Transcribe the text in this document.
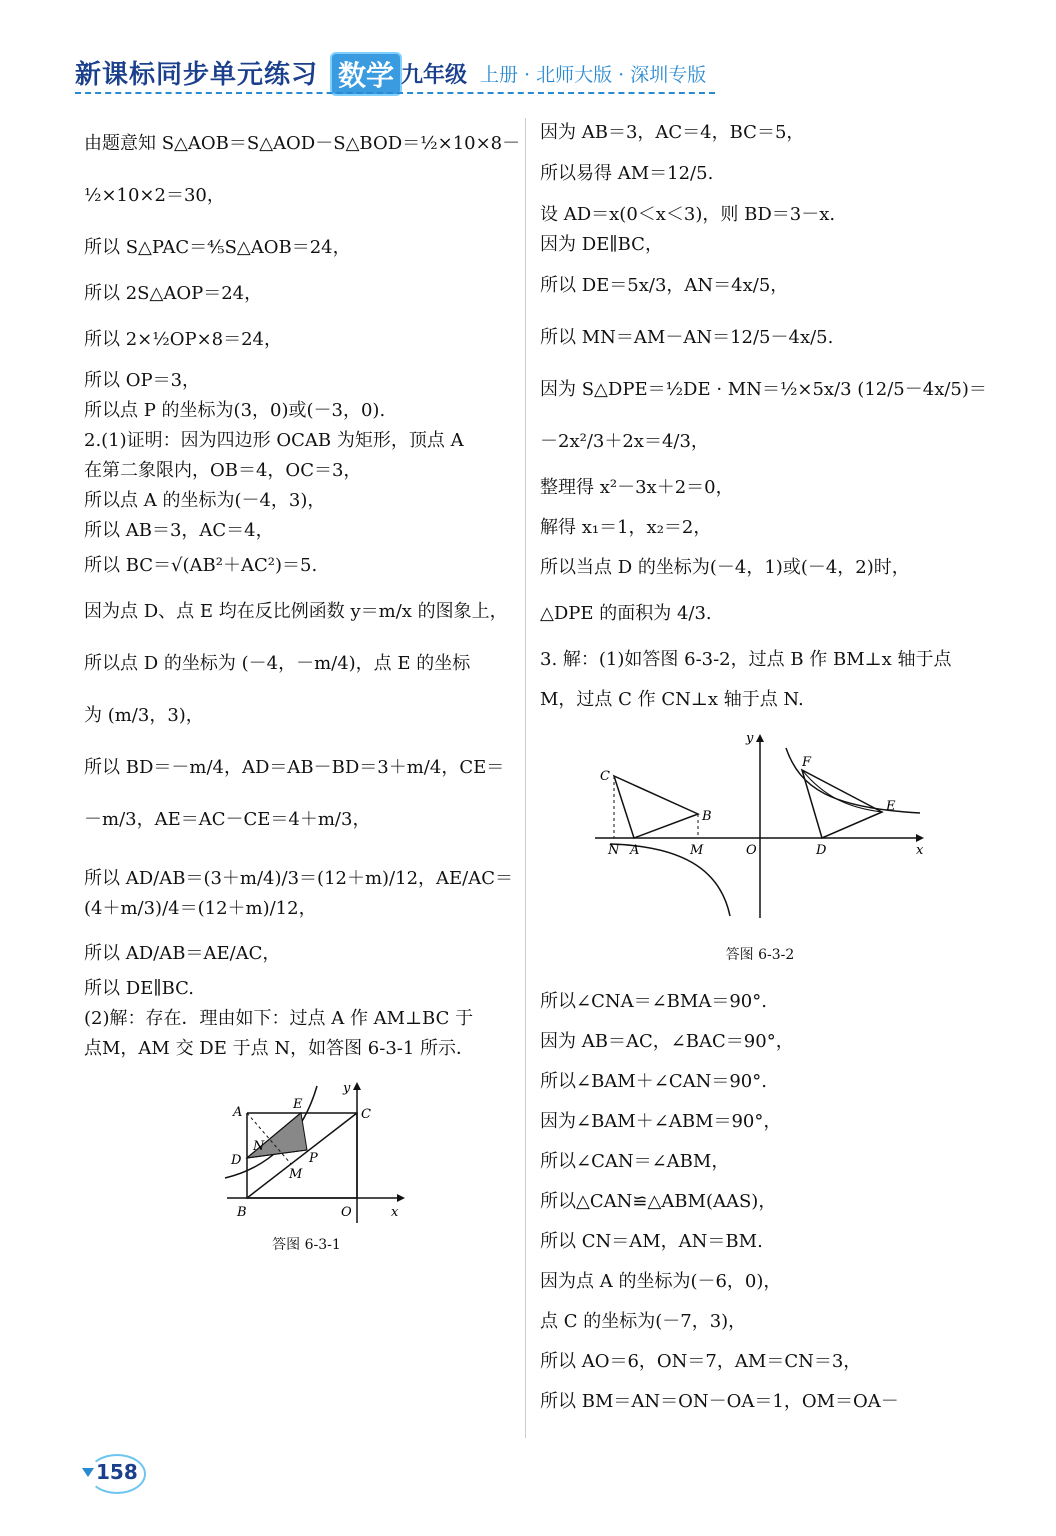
新课标同步单元练习 数学 九年级 上册 · 北师大版 · 深圳专版

由题意知 S△AOB＝S△AOD－S△BOD＝½×10×8－

½×10×2＝30，

所以 S△PAC＝⅘S△AOB＝24，

所以 2S△AOP＝24，

所以 2×½OP×8＝24，

所以 OP＝3，

所以点 P 的坐标为(3，0)或(－3，0).

2.(1)证明：因为四边形 OCAB 为矩形，顶点 A

在第二象限内，OB＝4，OC＝3，

所以点 A 的坐标为(－4，3)，

所以 AB＝3，AC＝4，

所以 BC＝√(AB²＋AC²)＝5.

因为点 D、点 E 均在反比例函数 y＝m/x 的图象上，

所以点 D 的坐标为 (－4，－m/4)，点 E 的坐标

为 (m/3，3)，

所以 BD＝－m/4，AD＝AB－BD＝3＋m/4，CE＝

－m/3，AE＝AC－CE＝4＋m/3，

所以 AD/AB＝(3＋m/4)/3＝(12＋m)/12，AE/AC＝(4＋m/3)/4＝(12＋m)/12，

所以 AD/AB＝AE/AC，

所以 DE∥BC.

(2)解：存在．理由如下：过点 A 作 AM⊥BC 于

点M，AM 交 DE 于点 N，如答图 6-3-1 所示．

A
E
C
N
D	P
M
B	O	x
y
答图 6-3-1

因为 AB＝3，AC＝4，BC＝5，

所以易得 AM＝12/5.

设 AD＝x(0＜x＜3)，则 BD＝3－x.

因为 DE∥BC，

所以 DE＝5x/3，AN＝4x/5，

所以 MN＝AM－AN＝12/5－4x/5.

因为 S△DPE＝½DE · MN＝½×5x/3 (12/5－4x/5)＝

－2x²/3＋2x＝4/3，

整理得 x²－3x＋2＝0，

解得 x₁＝1，x₂＝2，

所以当点 D 的坐标为(－4，1)或(－4，2)时，

△DPE 的面积为 4/3.

3. 解：(1)如答图 6-3-2，过点 B 作 BM⊥x 轴于点

M，过点 C 作 CN⊥x 轴于点 N.

C
B
N A	M	O
F
E
D	x
y
答图 6-3-2

所以∠CNA＝∠BMA＝90°.

因为 AB＝AC，∠BAC＝90°，

所以∠BAM＋∠CAN＝90°.

因为∠BAM＋∠ABM＝90°，

所以∠CAN＝∠ABM，

所以△CAN≌△ABM(AAS)，

所以 CN＝AM，AN＝BM.

因为点 A 的坐标为(－6，0)，

点 C 的坐标为(－7，3)，

所以 AO＝6，ON＝7，AM＝CN＝3，

所以 BM＝AN＝ON－OA＝1，OM＝OA－

158
